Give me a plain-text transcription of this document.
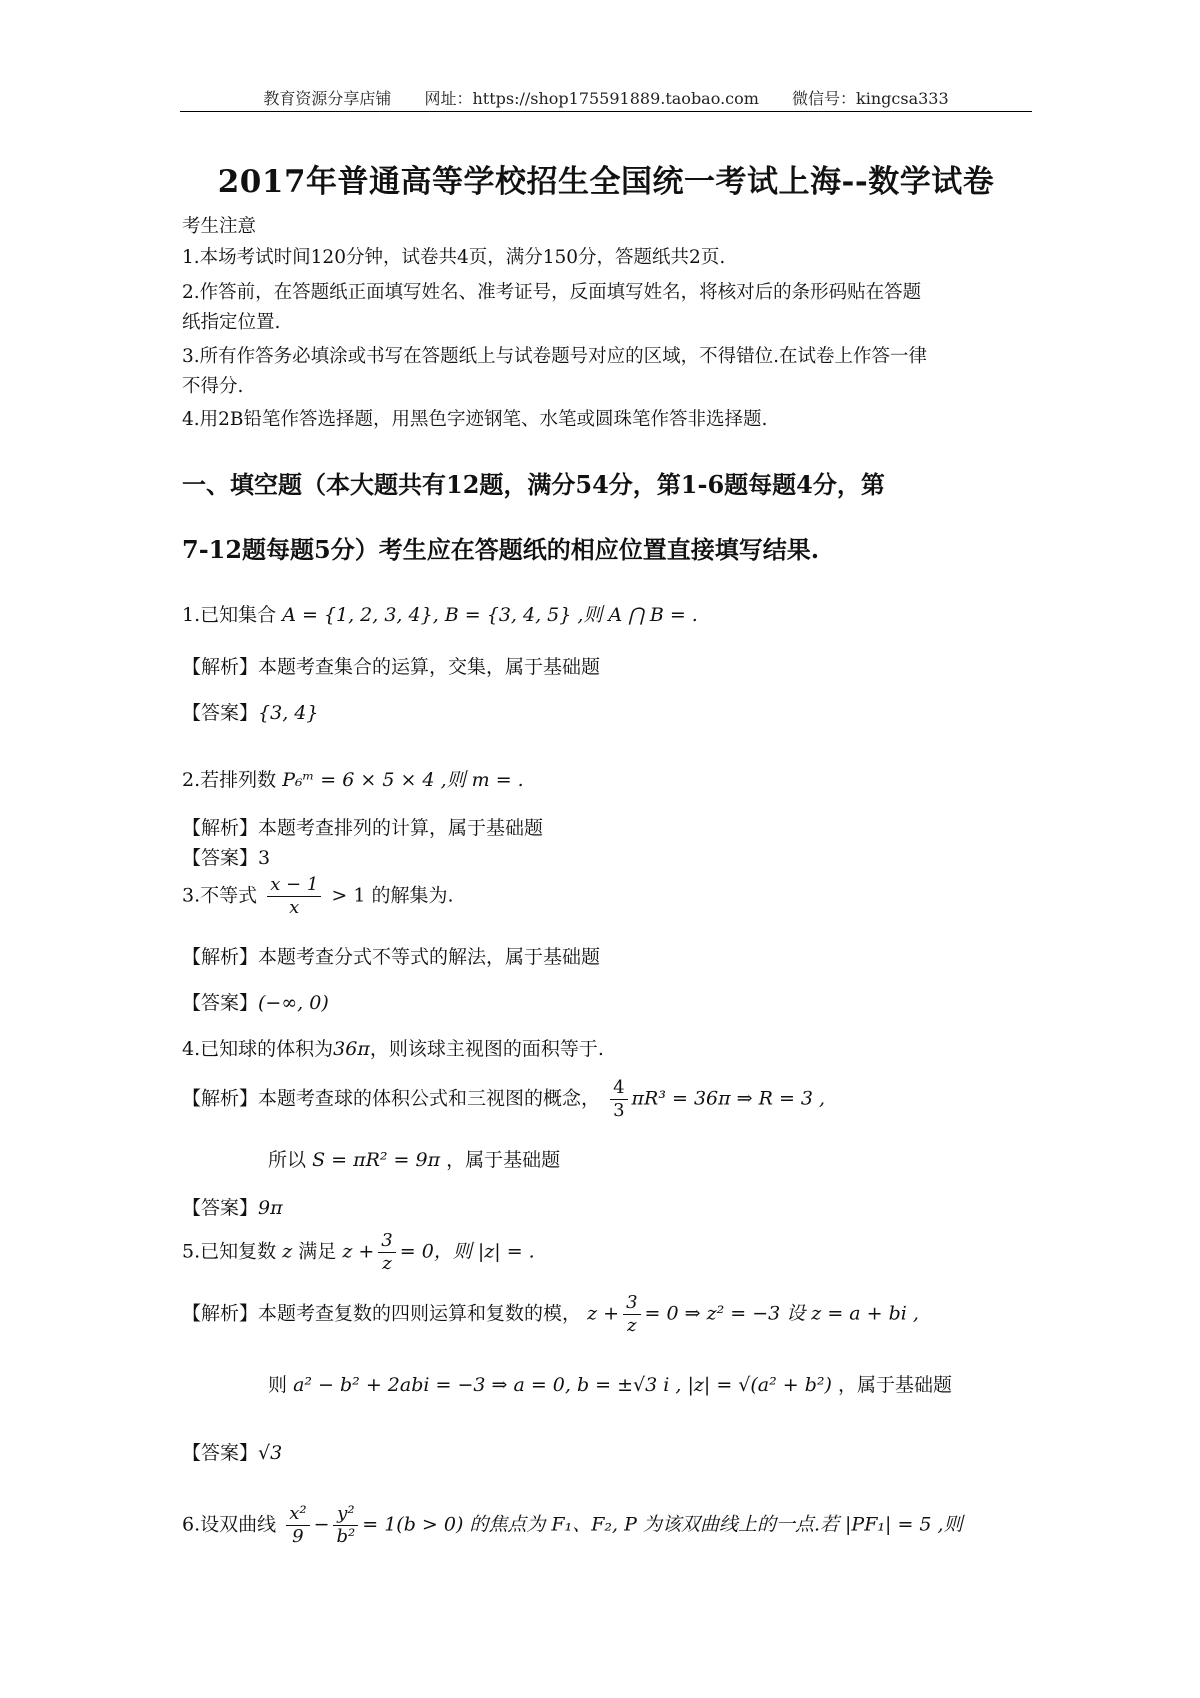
教育资源分享店铺 网址：https://shop175591889.taobao.com 微信号：kingcsa333
2017年普通高等学校招生全国统一考试上海--数学试卷
考生注意
1.本场考试时间120分钟，试卷共4页，满分150分，答题纸共2页.
2.作答前，在答题纸正面填写姓名、准考证号，反面填写姓名，将核对后的条形码贴在答题
纸指定位置.
3.所有作答务必填涂或书写在答题纸上与试卷题号对应的区域，不得错位.在试卷上作答一律
不得分.
4.用2B铅笔作答选择题，用黑色字迹钢笔、水笔或圆珠笔作答非选择题.
一、填空题（本大题共有12题，满分54分，第1-6题每题4分，第
7-12题每题5分）考生应在答题纸的相应位置直接填写结果.
1.已知集合 A = {1, 2, 3, 4}, B = {3, 4, 5} ,则 A ⋂ B = .
【解析】本题考查集合的运算，交集，属于基础题
【答案】{3, 4}
2.若排列数 P₆ᵐ = 6 × 5 × 4 ,则 m = .
【解析】本题考查排列的计算，属于基础题
【答案】3
3.不等式 $\frac{x - 1}{x} > 1$ 的解集为.
【解析】本题考查分式不等式的解法，属于基础题
【答案】(−∞, 0)
4.已知球的体积为36π，则该球主视图的面积等于.
【解析】本题考查球的体积公式和三视图的概念， $\frac{4}{3} \pi R^3 = 36\pi$ ⇒ R = 3 ,
所以 S = πR² = 9π ，属于基础题
【答案】9π
5.已知复数 z 满足 $z + \frac{3}{z} = 0$，则 |z| = .
【解析】本题考查复数的四则运算和复数的模， $z + \frac{3}{z} = 0$ ⇒ z² = −3 设 z = a + bi ,
则 a² − b² + 2abi = −3 ⇒ a = 0, b = ±√3 i , |z| = √(a² + b²) ，属于基础题
【答案】√3
6.设双曲线 $\frac{\text{x²}}{9} - \frac{\text{y²}}{\text{b²}} = 1(b > 0)$ 的焦点为 F₁、F₂, P 为该双曲线上的一点.若 |PF₁| = 5 ,则
